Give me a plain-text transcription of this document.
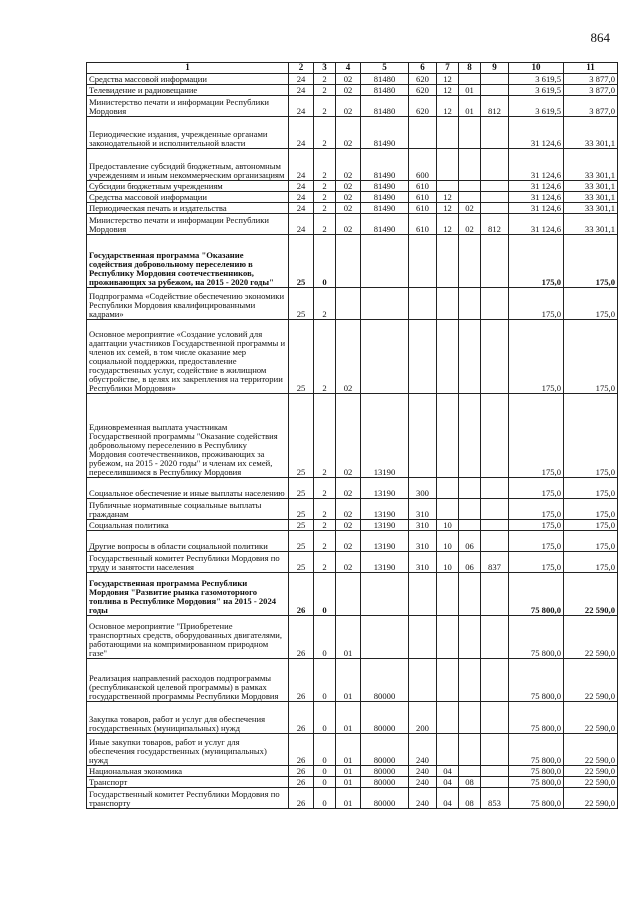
864
1	2	3	4	5	6	7	8	9	10	11
Средства массовой информации	24	2	02	81480	620	12			3 619,5	3 877,0
Телевидение и радиовещание	24	2	02	81480	620	12	01		3 619,5	3 877,0
Министерство печати и информации Республики Мордовия	24	2	02	81480	620	12	01	812	3 619,5	3 877,0
Периодические издания, учрежденные органами законодательной и исполнительной власти	24	2	02	81490					31 124,6	33 301,1
Предоставление субсидий бюджетным, автономным учреждениям и иным некоммерческим организациям	24	2	02	81490	600				31 124,6	33 301,1
Субсидии бюджетным учреждениям	24	2	02	81490	610				31 124,6	33 301,1
Средства массовой информации	24	2	02	81490	610	12			31 124,6	33 301,1
Периодическая печать и издательства	24	2	02	81490	610	12	02		31 124,6	33 301,1
Министерство печати и информации Республики Мордовия	24	2	02	81490	610	12	02	812	31 124,6	33 301,1
Государственная программа "Оказание содействия добровольному переселению в Республику Мордовия соотечественников, проживающих за рубежом, на 2015 - 2020 годы"	25	0							175,0	175,0
Подпрограмма «Содействие обеспечению экономики Республики Мордовия квалифицированными кадрами»	25	2							175,0	175,0
Основное мероприятие «Создание условий для адаптации участников Государственной программы и членов их семей, в том числе оказание мер социальной поддержки, предоставление государственных услуг, содействие в жилищном обустройстве, в целях их закрепления на территории Республики Мордовия»	25	2	02						175,0	175,0
Единовременная выплата участникам Государственной программы "Оказание содействия добровольному переселению в Республику Мордовия соотечественников, проживающих за рубежом, на 2015 - 2020 годы" и членам их семей, переселившимся в Республику Мордовия	25	2	02	13190					175,0	175,0
Социальное обеспечение и иные выплаты населению	25	2	02	13190	300				175,0	175,0
Публичные нормативные социальные выплаты гражданам	25	2	02	13190	310				175,0	175,0
Социальная политика	25	2	02	13190	310	10			175,0	175,0
Другие вопросы в области социальной политики	25	2	02	13190	310	10	06		175,0	175,0
Государственный комитет Республики Мордовия по труду и занятости населения	25	2	02	13190	310	10	06	837	175,0	175,0
Государственная программа Республики Мордовия "Развитие рынка газомоторного топлива в Республике Мордовия" на 2015 - 2024 годы	26	0							75 800,0	22 590,0
Основное мероприятие "Приобретение транспортных средств, оборудованных двигателями, работающими на компримированном природном газе"	26	0	01						75 800,0	22 590,0
Реализация направлений расходов подпрограммы (республиканской целевой программы) в рамках государственной программы Республики Мордовия	26	0	01	80000					75 800,0	22 590,0
Закупка товаров, работ и услуг для обеспечения государственных (муниципальных) нужд	26	0	01	80000	200				75 800,0	22 590,0
Иные закупки товаров, работ и услуг для обеспечения государственных (муниципальных) нужд	26	0	01	80000	240				75 800,0	22 590,0
Национальная экономика	26	0	01	80000	240	04			75 800,0	22 590,0
Транспорт	26	0	01	80000	240	04	08		75 800,0	22 590,0
Государственный комитет Республики Мордовия по транспорту	26	0	01	80000	240	04	08	853	75 800,0	22 590,0
